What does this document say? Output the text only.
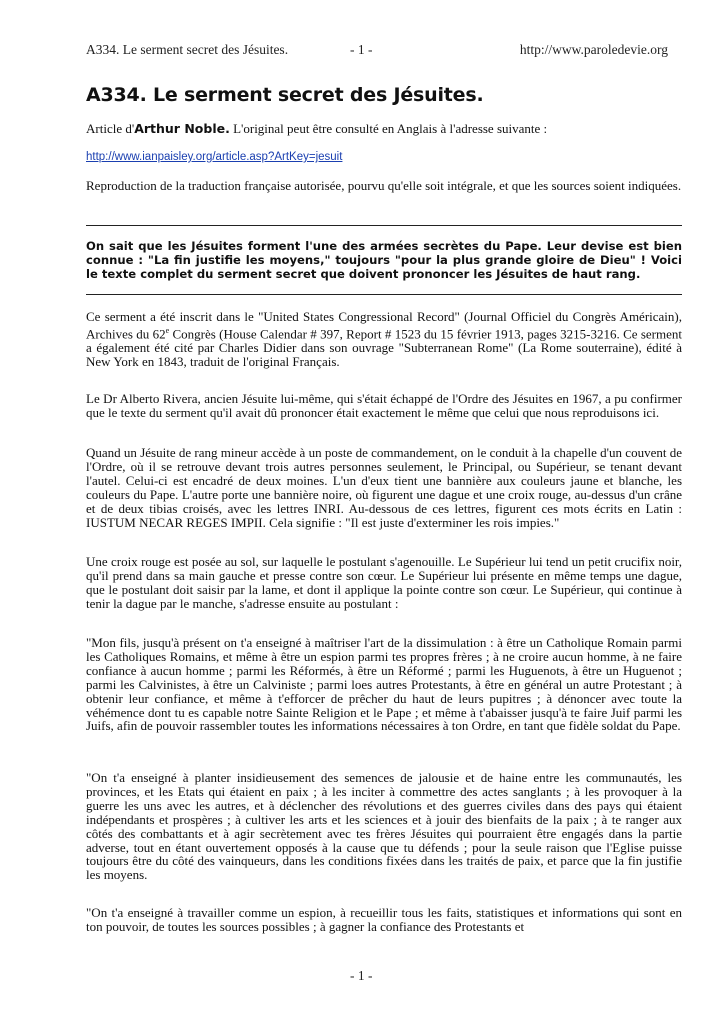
A334. Le serment secret des Jésuites.	- 1 -	http://www.paroledevie.org
A334. Le serment secret des Jésuites.
Article d'Arthur Noble. L'original peut être consulté en Anglais à l'adresse suivante :
http://www.ianpaisley.org/article.asp?ArtKey=jesuit

Reproduction de la traduction française autorisée, pourvu qu'elle soit intégrale, et que les sources soient indiquées.

On sait que les Jésuites forment l'une des armées secrètes du Pape. Leur devise est bien connue : "La fin justifie les moyens," toujours "pour la plus grande gloire de Dieu" ! Voici le texte complet du serment secret que doivent prononcer les Jésuites de haut rang.

Ce serment a été inscrit dans le "United States Congressional Record" (Journal Officiel du Congrès Américain), Archives du 62e Congrès (House Calendar # 397, Report # 1523 du 15 février 1913, pages 3215-3216. Ce serment a également été cité par Charles Didier dans son ouvrage "Subterranean Rome" (La Rome souterraine), édité à New York en 1843, traduit de l'original Français.

Le Dr Alberto Rivera, ancien Jésuite lui-même, qui s'était échappé de l'Ordre des Jésuites en 1967, a pu confirmer que le texte du serment qu'il avait dû prononcer était exactement le même que celui que nous reproduisons ici.

Quand un Jésuite de rang mineur accède à un poste de commandement, on le conduit à la chapelle d'un couvent de l'Ordre, où il se retrouve devant trois autres personnes seulement, le Principal, ou Supérieur, se tenant devant l'autel. Celui-ci est encadré de deux moines. L'un d'eux tient une bannière aux couleurs jaune et blanche, les couleurs du Pape. L'autre porte une bannière noire, où figurent une dague et une croix rouge, au-dessus d'un crâne et de deux tibias croisés, avec les lettres INRI. Au-dessous de ces lettres, figurent ces mots écrits en Latin : IUSTUM NECAR REGES IMPII. Cela signifie : "Il est juste d'exterminer les rois impies."

Une croix rouge est posée au sol, sur laquelle le postulant s'agenouille. Le Supérieur lui tend un petit crucifix noir, qu'il prend dans sa main gauche et presse contre son cœur. Le Supérieur lui présente en même temps une dague, que le postulant doit saisir par la lame, et dont il applique la pointe contre son cœur. Le Supérieur, qui continue à tenir la dague par le manche, s'adresse ensuite au postulant :

"Mon fils, jusqu'à présent on t'a enseigné à maîtriser l'art de la dissimulation : à être un Catholique Romain parmi les Catholiques Romains, et même à être un espion parmi tes propres frères ; à ne croire aucun homme, à ne faire confiance à aucun homme ; parmi les Réformés, à être un Réformé ; parmi les Huguenots, à être un Huguenot ; parmi les Calvinistes, à être un Calviniste ; parmi loes autres Protestants, à être en général un autre Protestant ; à obtenir leur confiance, et même à t'efforcer de prêcher du haut de leurs pupitres ; à dénoncer avec toute la véhémence dont tu es capable notre Sainte Religion et le Pape ; et même à t'abaisser jusqu'à te faire Juif parmi les Juifs, afin de pouvoir rassembler toutes les informations nécessaires à ton Ordre, en tant que fidèle soldat du Pape.

"On t'a enseigné à planter insidieusement des semences de jalousie et de haine entre les communautés, les provinces, et les Etats qui étaient en paix ; à les inciter à commettre des actes sanglants ; à les provoquer à la guerre les uns avec les autres, et à déclencher des révolutions et des guerres civiles dans des pays qui étaient indépendants et prospères ; à cultiver les arts et les sciences et à jouir des bienfaits de la paix ; à te ranger aux côtés des combattants et à agir secrètement avec tes frères Jésuites qui pourraient être engagés dans la partie adverse, tout en étant ouvertement opposés à la cause que tu défends ; pour la seule raison que l'Eglise puisse toujours être du côté des vainqueurs, dans les conditions fixées dans les traités de paix, et parce que la fin justifie les moyens.

"On t'a enseigné à travailler comme un espion, à recueillir tous les faits, statistiques et informations qui sont en ton pouvoir, de toutes les sources possibles ; à gagner la confiance des Protestants et

- 1 -
